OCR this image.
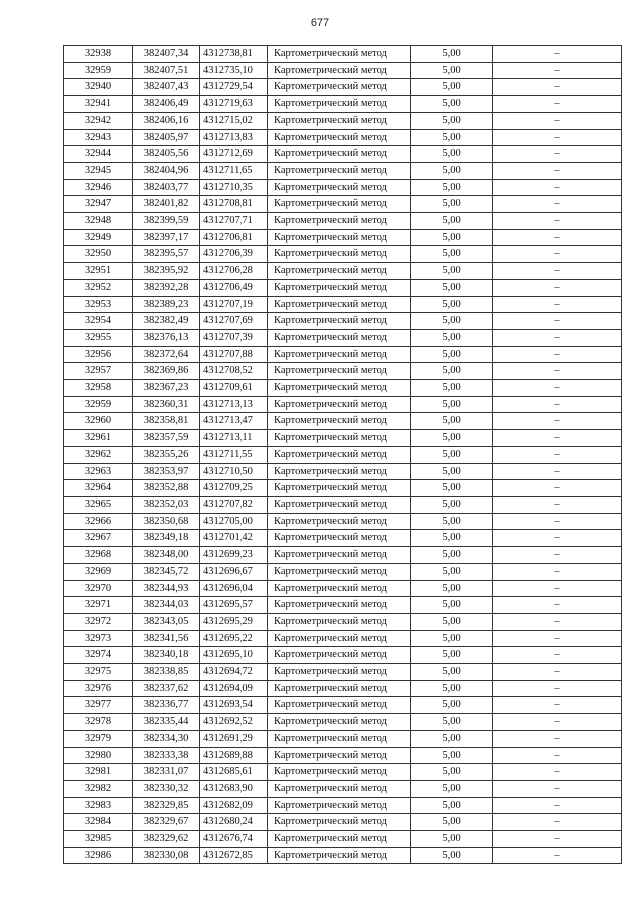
677
32938	382407,34	4312738,81	Картометрический метод	5,00	–
32959	382407,51	4312735,10	Картометрический метод	5,00	–
32940	382407,43	4312729,54	Картометрический метод	5,00	–
32941	382406,49	4312719,63	Картометрический метод	5,00	–
32942	382406,16	4312715,02	Картометрический метод	5,00	–
32943	382405,97	4312713,83	Картометрический метод	5,00	–
32944	382405,56	4312712,69	Картометрический метод	5,00	–
32945	382404,96	4312711,65	Картометрический метод	5,00	–
32946	382403,77	4312710,35	Картометрический метод	5,00	–
32947	382401,82	4312708,81	Картометрический метод	5,00	–
32948	382399,59	4312707,71	Картометрический метод	5,00	–
32949	382397,17	4312706,81	Картометрический метод	5,00	–
32950	382395,57	4312706,39	Картометрический метод	5,00	–
32951	382395,92	4312706,28	Картометрический метод	5,00	–
32952	382392,28	4312706,49	Картометрический метод	5,00	–
32953	382389,23	4312707,19	Картометрический метод	5,00	–
32954	382382,49	4312707,69	Картометрический метод	5,00	–
32955	382376,13	4312707,39	Картометрический метод	5,00	–
32956	382372,64	4312707,88	Картометрический метод	5,00	–
32957	382369,86	4312708,52	Картометрический метод	5,00	–
32958	382367,23	4312709,61	Картометрический метод	5,00	–
32959	382360,31	4312713,13	Картометрический метод	5,00	–
32960	382358,81	4312713,47	Картометрический метод	5,00	–
32961	382357,59	4312713,11	Картометрический метод	5,00	–
32962	382355,26	4312711,55	Картометрический метод	5,00	–
32963	382353,97	4312710,50	Картометрический метод	5,00	–
32964	382352,88	4312709,25	Картометрический метод	5,00	–
32965	382352,03	4312707,82	Картометрический метод	5,00	–
32966	382350,68	4312705,00	Картометрический метод	5,00	–
32967	382349,18	4312701,42	Картометрический метод	5,00	–
32968	382348,00	4312699,23	Картометрический метод	5,00	–
32969	382345,72	4312696,67	Картометрический метод	5,00	–
32970	382344,93	4312696,04	Картометрический метод	5,00	–
32971	382344,03	4312695,57	Картометрический метод	5,00	–
32972	382343,05	4312695,29	Картометрический метод	5,00	–
32973	382341,56	4312695,22	Картометрический метод	5,00	–
32974	382340,18	4312695,10	Картометрический метод	5,00	–
32975	382338,85	4312694,72	Картометрический метод	5,00	–
32976	382337,62	4312694,09	Картометрический метод	5,00	–
32977	382336,77	4312693,54	Картометрический метод	5,00	–
32978	382335,44	4312692,52	Картометрический метод	5,00	–
32979	382334,30	4312691,29	Картометрический метод	5,00	–
32980	382333,38	4312689,88	Картометрический метод	5,00	–
32981	382331,07	4312685,61	Картометрический метод	5,00	–
32982	382330,32	4312683,90	Картометрический метод	5,00	–
32983	382329,85	4312682,09	Картометрический метод	5,00	–
32984	382329,67	4312680,24	Картометрический метод	5,00	–
32985	382329,62	4312676,74	Картометрический метод	5,00	–
32986	382330,08	4312672,85	Картометрический метод	5,00	–
